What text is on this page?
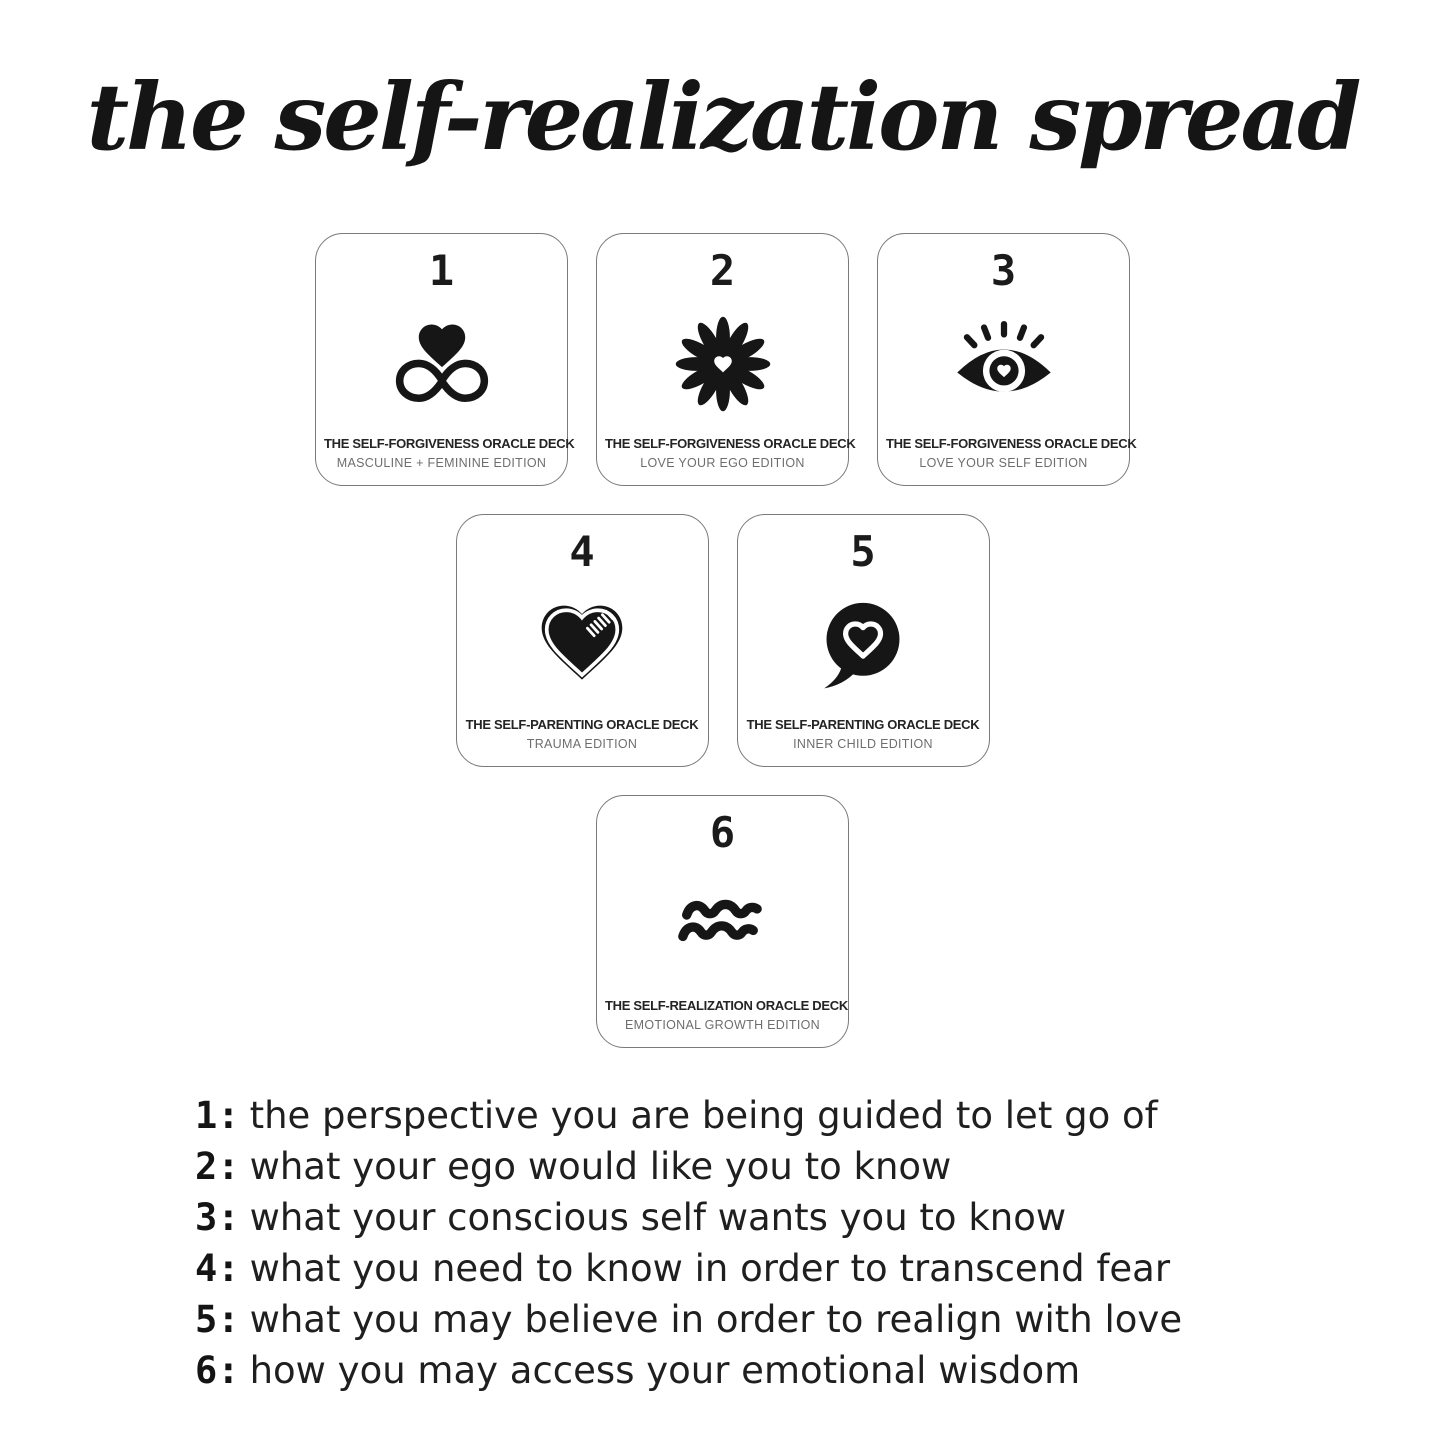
the self-realization spread
1
THE SELF-FORGIVENESS ORACLE DECK
MASCULINE + FEMININE EDITION
2
THE SELF-FORGIVENESS ORACLE DECK
LOVE YOUR EGO EDITION
3
THE SELF-FORGIVENESS ORACLE DECK
LOVE YOUR SELF EDITION
4
THE SELF-PARENTING ORACLE DECK
TRAUMA EDITION
5
THE SELF-PARENTING ORACLE DECK
INNER CHILD EDITION
6
THE SELF-REALIZATION ORACLE DECK
EMOTIONAL GROWTH EDITION
1: the perspective you are being guided to let go of
2: what your ego would like you to know
3: what your conscious self wants you to know
4: what you need to know in order to transcend fear
5: what you may believe in order to realign with love
6: how you may access your emotional wisdom
